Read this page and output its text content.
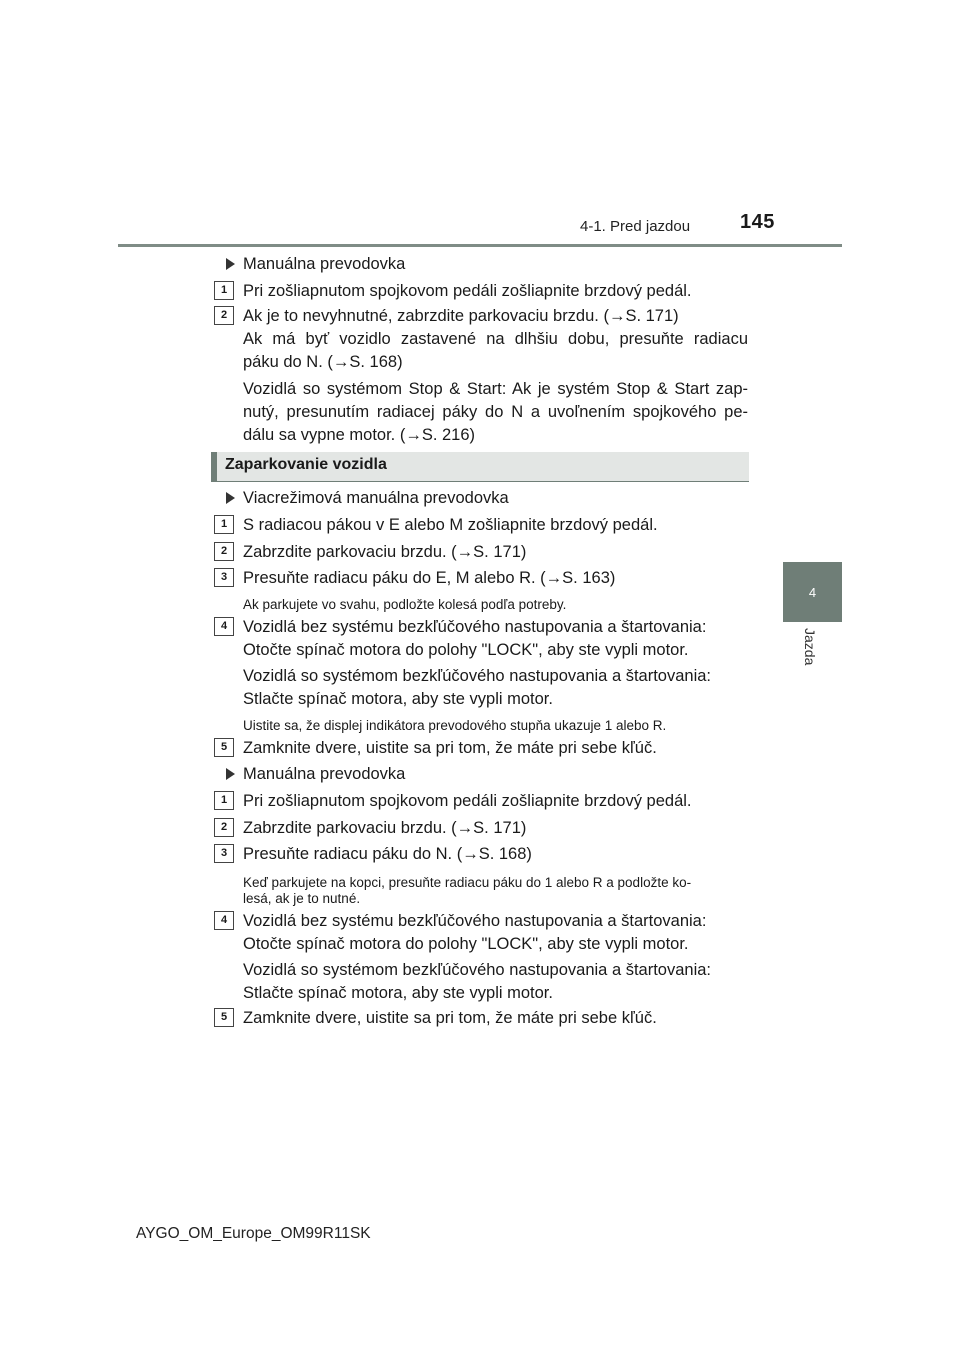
4-1. Pred jazdou 145
4
Jazda
Manuálna prevodovka
1 Pri zošliapnutom spojkovom pedáli zošliapnite brzdový pedál.
2 Ak je to nevyhnutné, zabrzdite parkovaciu brzdu. (→S. 171)
Ak má byť vozidlo zastavené na dlhšiu dobu, presuňte radiacu
páku do N. (→S. 168)
Vozidlá so systémom Stop & Start: Ak je systém Stop & Start zap-
nutý, presunutím radiacej páky do N a uvoľnením spojkového pe-
dálu sa vypne motor. (→S. 216)
Zaparkovanie vozidla
Viacrežimová manuálna prevodovka
1 S radiacou pákou v E alebo M zošliapnite brzdový pedál.
2 Zabrzdite parkovaciu brzdu. (→S. 171)
3 Presuňte radiacu páku do E, M alebo R. (→S. 163)
Ak parkujete vo svahu, podložte kolesá podľa potreby.
4 Vozidlá bez systému bezkľúčového nastupovania a štartovania:
Otočte spínač motora do polohy "LOCK", aby ste vypli motor.
Vozidlá so systémom bezkľúčového nastupovania a štartovania:
Stlačte spínač motora, aby ste vypli motor.
Uistite sa, že displej indikátora prevodového stupňa ukazuje 1 alebo R.
5 Zamknite dvere, uistite sa pri tom, že máte pri sebe kľúč.
Manuálna prevodovka
1 Pri zošliapnutom spojkovom pedáli zošliapnite brzdový pedál.
2 Zabrzdite parkovaciu brzdu. (→S. 171)
3 Presuňte radiacu páku do N. (→S. 168)
Keď parkujete na kopci, presuňte radiacu páku do 1 alebo R a podložte ko-
lesá, ak je to nutné.
4 Vozidlá bez systému bezkľúčového nastupovania a štartovania:
Otočte spínač motora do polohy "LOCK", aby ste vypli motor.
Vozidlá so systémom bezkľúčového nastupovania a štartovania:
Stlačte spínač motora, aby ste vypli motor.
5 Zamknite dvere, uistite sa pri tom, že máte pri sebe kľúč.
AYGO_OM_Europe_OM99R11SK
